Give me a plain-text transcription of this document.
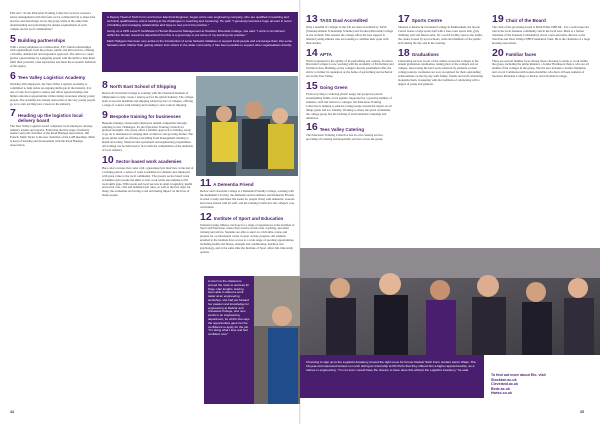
Full said: "At the Education Training Collective we have created a senior management team that feels we be collaboratively to share best practice and knowledge across the group while at the same time understanding and prioritising the unique requirements of each campus and its local communities."

5 Building partnerships

With a strong emphasis on collaboration, ETC builds relationships with organisations from the private, public and third sectors, offering a flexible, demand-led and responsive approach. The aim is to create greater opportunities by equipping people with the skills to help them fulfil their potential, raise aspirations and meet the economic demands of the region.

6 Tees Valley Logistics Academy

Working with employers, the Tees Valley Logistics Academy is committed to help tackle an ongoing skills gap in the industry. It is one of only four logistics centres and offers apprenticeships and higher education opportunities while raising awareness among young people. The academy has already seen some of the very young people go on to start exciting new careers in the industry.

7 Heading up the logistics local delivery board

The Tees Valley Logistics board comprises local employers and key industry leaders and experts. Following the first stage of industry leaders and joint chairmen of the Road Haulage Association, Jim French, Mark Taylor is the new chairman of the LAB meetings. Mark is head of learning and development with the Road Haulage Association.

A Deputy Head of Sixth Form and former Electrical Engineer, began at his own engineering company, who are qualified in teaching and technical qualifications, and is looking at the challenges in coaching and mentoring. He said: "I genuinely learned a huge amount in terms of building and managing relationships and hope to now put it into practice."

Going on a CPD Level 5 Certificate in Human Resource Management at Stockton Riverside College, she said: "I work in recruitment within the human resources department but this is a great way to put some of my learning into practise."

Mark Hodgson has been very active in the introduction of some fantastic initiatives to support local people and encourage them into some fantastic work. Rather than getting advice from others in the wider community, it has been possible to support other organisations directly.

8 North East School of Shipping

Redcar & Cleveland College is working with the Chartered Institute of Shipbrokers to help create a talent pool for the global industry. The college leads across the maritime and shipping related sectors of colleges, offering a range of courses with training and looking to start work in shipping.

9 Bespoke training for businesses

Bespoke training courses help employers remain competitive through adapting to new challenges. It's the Education Training Collective's greatest strengths. The group offers a flexible approach to training, ready to go on to businesses in shaping their workforce and growing further. The group prides itself on offering everything from management training to health and safety, financial and operational and engineering programmes. All training can be delivered to fit in with the complexities of the demands of local industry.

10 Sector-based work academies

Here, short courses that come with a guaranteed job interview at the end of a training period, a series of work academies for students and employers with great value to the local community. The group's sector-based work academies give people the skills to start work while also helping to fill local skills gaps. With recent and local success in retail, hospitality, health and social care, civil and industrial job roles, as well as the first steps for many, the academies are having a real and lasting impact on the lives of many people.

11 A Dementia Friend

Redcar and Cleveland College is a Dementia Friendly College, working with the Alzheimer's Society, the Dementia Action Alliance and Dementia Friends in order to help and make life easier for people living with dementia. Lessons have been shared with all staff, and the training is built into the college's core curriculum.

12 Institute of Sport and Education

Talented young athletes can hope for a range of experiences at the Institute of Sport and Education, where they receive world-class coaching, specialist training and advice. Students are able to enrol on a full-time course and prepare for a professional career in sport as they progress. All students enrolled at the institute have access to a wide range of sporting opportunities, including health and fitness, strength and conditioning, nutrition and psychology, and at the same time the Institute of Sport offers full-time study options.

A return to the classroom proved the route to success for Kaye. Hair lengths. Having been able to attend a work taster at an engineering workshop, she had put forward her passion and knowledge for engineering at Redcar and Cleveland College, and now works in an engineering department, for which she says the opportunities gave her the confidence to apply for the job. "I'm doing what I love and feel confident now."
34
13 TASS Dual Accredited

Only a handful of colleges in the UK are dual accredited by TASS (Talented Athlete Scholarship Scheme) and Stockton Riverside College is one of them. This ensures the college offers the best support to talented young athletes who are looking to combine their sport with their studies.

14 APTA

Well recognised for the quality of its performing arts courses, Stockton Riverside College is now working with the Academy of Performing and Technical Arts. Building on the college's already established offer, the aim is to further its reputation as the home of performing and technical arts in the Tees Valley.

15 Going Green

From recycling to reducing plastic usage, the group has placed sustainability firmly on its agenda. Supported by a growing number of students, staff and visitors to colleges, the Education Training Collective is helping to educate young people around the region on all things green and eco friendly. Working to shape the green credentials, the college group has the backing of environmental campaign and initiatives.

16 Tees Valley Catering

The Education Training Collective has its own catering service, providing all catering and hospitality services across the group.

17 Sports Centre

Situated at Redcar & Cleveland College in Kirkleatham, the Sports Centre boasts a large sports hall with a four-court sports hall, gym, climbing wall and fitness suite. It's a social facility open to the public, the centre is used by local schools, clubs and members of the public, both during the day and in the evening.

18 Graduations

Celebrating success is part of the culture across the colleges at the annual graduation ceremonies, taking place at the colleges and on campus, showcasing the hard work achieved by students on their college journey. Graduates are now recognised for their outstanding achievements on the big day with family, friends and staff celebrating alongside them, in keeping with the traditions of celebrating with a degree of pomp and glamour.

19 Chair of the Board

The chair of the governing board is Mark White OBE DL. It is a well respected role in the local business community and in the local area. Mark is a former chairman of the Teesside Constabulary and is a non-executive director at the Tees Esk and Wear Valleys NHS Foundation Trust. He is the chairman of a large housing association.

20 Familiar faces

There are several familiar faces among those choosing to study or work within the group, including the prime minister, a former Hartlepool mayor, who are all alumni of the colleges in the group. The list also includes a former Olympian and a local Commonwealth Games medallist, who have all been students of Stockton Riverside College or Redcar and Cleveland College.

Choosing to sign up to the Logistics Academy proved the right move for former Redcar Sixth Form student Aaron Wade. The 18-year-old impressed bosses so much during an internship at PD Ports that they offered him a higher apprenticeship, as a trainee in engineering. "I'm not sure I would have the chance to have done this without the Logistics Academy," he said.
To find out more about Etc. visit
Stockton.ac.uk
Cleveland.ac.uk
Bede.ac.uk
Hwtsc.co.uk
35
